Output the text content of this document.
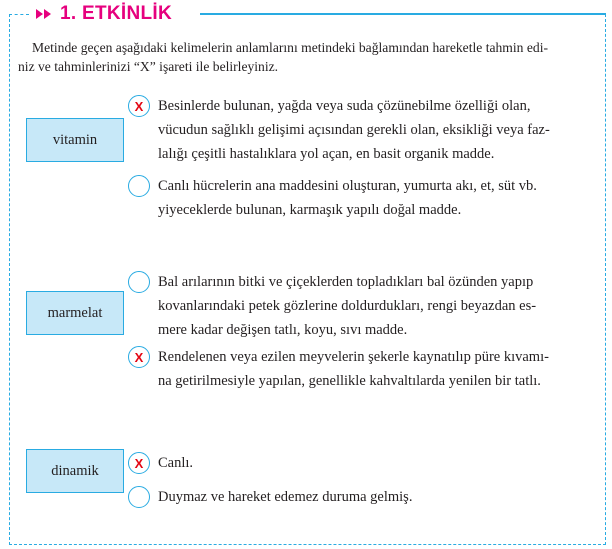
1. ETKİNLİK
Metinde geçen aşağıdaki kelimelerin anlamlarını metindeki bağlamından hareketle tahmin edi-
niz ve tahminlerinizi “X” işareti ile belirleyiniz.
vitamin
X Besinlerde bulunan, yağda veya suda çözünebilme özelliği olan,
vücudun sağlıklı gelişimi açısından gerekli olan, eksikliği veya faz-
lalığı çeşitli hastalıklara yol açan, en basit organik madde.
Canlı hücrelerin ana maddesini oluşturan, yumurta akı, et, süt vb.
yiyeceklerde bulunan, karmaşık yapılı doğal madde.
marmelat
Bal arılarının bitki ve çiçeklerden topladıkları bal özünden yapıp
kovanlarındaki petek gözlerine doldurdukları, rengi beyazdan es-
mere kadar değişen tatlı, koyu, sıvı madde.
X Rendelenen veya ezilen meyvelerin şekerle kaynatılıp püre kıvamı-
na getirilmesiyle yapılan, genellikle kahvaltılarda yenilen bir tatlı.
dinamik	X Canlı.
Duymaz ve hareket edemez duruma gelmiş.
